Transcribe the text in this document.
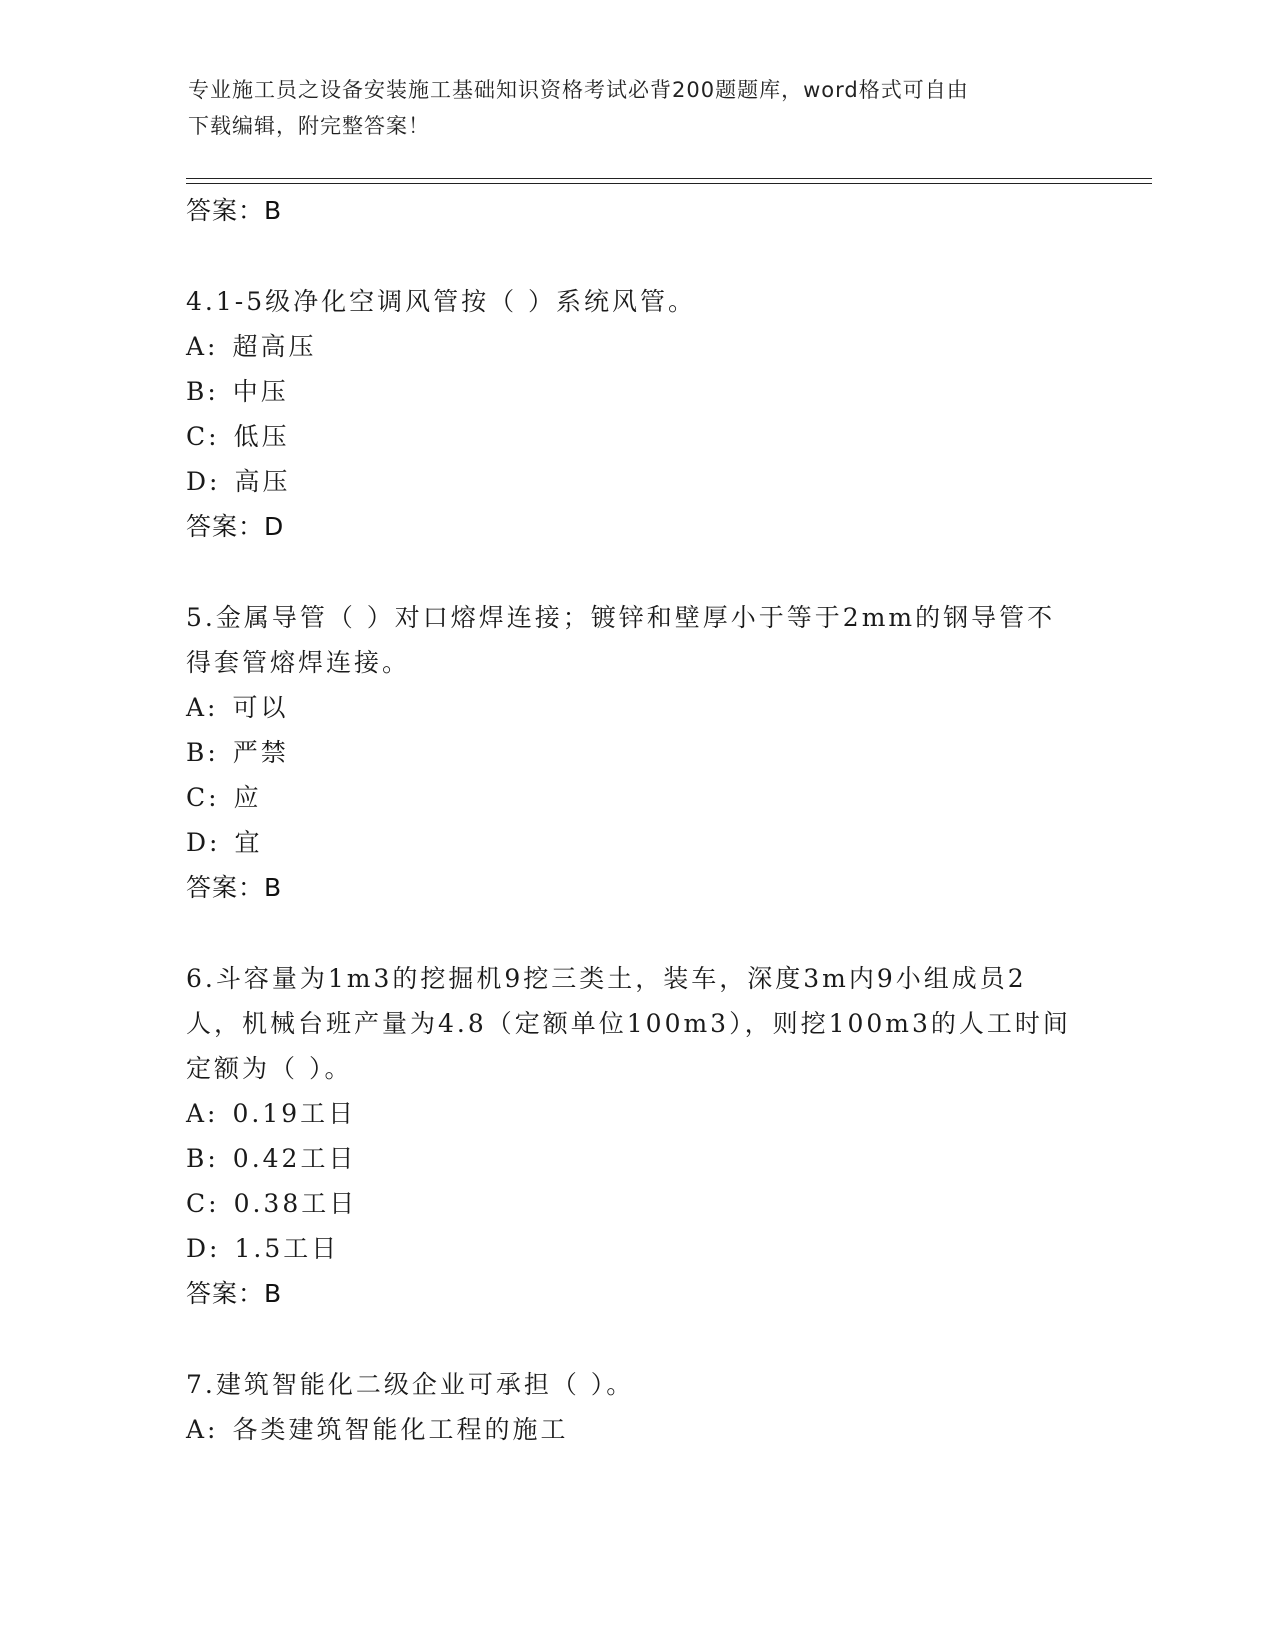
专业施工员之设备安装施工基础知识资格考试必背200题题库，word格式可自由
下载编辑，附完整答案！
答案：B
4.1-5级净化空调风管按（ ）系统风管。
A: 超高压
B: 中压
C: 低压
D: 高压
答案：D
5.金属导管（ ）对口熔焊连接；镀锌和壁厚小于等于2mm的钢导管不
得套管熔焊连接。
A: 可以
B: 严禁
C: 应
D: 宜
答案：B
6.斗容量为1m3的挖掘机9挖三类土，装车，深度3m内9小组成员2
人，机械台班产量为4.8（定额单位100m3），则挖100m3的人工时间
定额为（ ）。
A: 0.19工日
B: 0.42工日
C: 0.38工日
D: 1.5工日
答案：B
7.建筑智能化二级企业可承担（ ）。
A: 各类建筑智能化工程的施工
